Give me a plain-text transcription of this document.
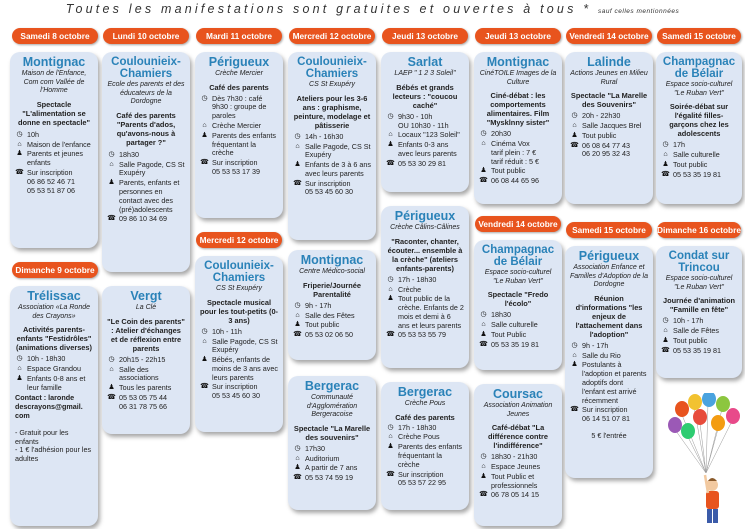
Toutes les manifestations sont gratuites et ouvertes à tous * sauf celles mentionnées
Samedi 8 octobre
Montignac
Maison de l'Enfance, Com com Vallée de l'Homme
Spectacle "L'alimentation se donne en spectacle"
◷ 10h
⌂ Maison de l'enfance
♟ Parents et jeunes enfants
☎ Sur inscription
06 86 52 46 71
05 53 51 87 06
Dimanche 9 octobre
Trélissac
Association «La Ronde des Crayons»
Activités parents-enfants "Festidrôles" (animations diverses)
◷ 10h - 18h30
⌂ Espace Grandou
♟ Enfants 0-8 ans et leur famille
Contact : laronde descrayons@gmail. com
- Gratuit pour les enfants
- 1 € l'adhésion pour les adultes
Lundi 10 octobre
Coulounieix-Chamiers
Ecole des parents et des éducateurs de la Dordogne
Café des parents "Parents d'ados, qu'avons-nous à partager ?"
◷ 18h30
⌂ Salle Pagode, CS St Exupéry
♟ Parents, enfants et personnes en contact avec des (pré)adolescents
☎ 09 86 10 34 69
Vergt
La Clé
"Le Coin des parents" : Atelier d'échanges et de réflexion entre parents
◷ 20h15 - 22h15
⌂ Salle des associations
♟ Tous les parents
☎ 05 53 05 75 44
06 31 78 75 66
Mardi 11 octobre
Périgueux
Crèche Mercier
Café des parents
◷ Dès 7h30 : café
9h30 : groupe de paroles
⌂ Crèche Mercier
♟ Parents des enfants fréquentant la crèche
☎ Sur inscription
05 53 53 17 39
Mercredi 12 octobre
Coulounieix-Chamiers
CS St Exupéry
Spectacle musical pour les tout-petits (0-3 ans)
◷ 10h - 11h
⌂ Salle Pagode, CS St Exupéry
♟ Bébés, enfants de moins de 3 ans avec leurs parents
☎ Sur inscription
05 53 45 60 30
Mercredi 12 octobre
Coulounieix-Chamiers
CS St Exupéry
Ateliers pour les 3-6 ans : graphisme, peinture, modelage et pâtisserie
◷ 14h - 16h30
⌂ Salle Pagode, CS St Exupéry
♟ Enfants de 3 à 6 ans avec leurs parents
☎ Sur inscription
05 53 45 60 30
Montignac
Centre Médico-social
Friperie/Journée Parentalité
◷ 9h - 17h
⌂ Salle des Fêtes
♟ Tout public
☎ 05 53 02 06 50
Bergerac
Communauté d'Agglomération Bergeracoise
Spectacle "La Marelle des souvenirs"
◷ 17h30
⌂ Auditorium
♟ A partir de 7 ans
☎ 05 53 74 59 19
Jeudi 13 octobre
Sarlat
LAEP " 1 2 3 Soleil"
Bébés et grands lecteurs : "coucou caché"
◷ 9h30 - 10h
OU 10h30 - 11h
⌂ Locaux "123 Soleil"
♟ Enfants 0-3 ans avec leurs parents
☎ 05 53 30 29 81
Périgueux
Crèche Câlins-Câlines
"Raconter, chanter, écouter... ensemble à la crèche" (ateliers enfants-parents)
◷ 17h - 18h30
⌂ Crèche
♟ Tout public de la crèche. Enfants de 2 mois et demi à 6 ans et leurs parents
☎ 05 53 53 55 79
Bergerac
Crèche Pous
Café des parents
◷ 17h - 18h30
⌂ Crèche Pous
♟ Parents des enfants fréquentant la crèche
☎ Sur inscription
05 53 57 22 95
Jeudi 13 octobre
Montignac
CinéTOILE Images de la Culture
Ciné-débat : les comportements alimentaires. Film "Mysklnny sister"
◷ 20h30
⌂ Cinéma Vox
tarif plein : 7 €
tarif réduit : 5 €
♟ Tout public
☎ 06 08 44 65 96
Vendredi 14 octobre
Champagnac de Bélair
Espace socio-culturel "Le Ruban Vert"
Spectacle "Fredo l'écolo"
◷ 18h30
⌂ Salle culturelle
♟ Tout Public
☎ 05 53 35 19 81
Coursac
Association Animation Jeunes
Café-débat "La différence contre l'indifférence"
◷ 18h30 - 21h30
⌂ Espace Jeunes
♟ Tout Public et professionnels
☎ 06 78 05 14 15
Vendredi 14 octobre
Lalinde
Actions Jeunes en Milieu Rural
Spectacle "La Marelle des Souvenirs"
◷ 20h - 22h30
⌂ Salle Jacques Brel
♟ Tout public
☎ 06 08 64 77 43
06 20 95 32 43
Samedi 15 octobre
Périgueux
Association Enfance et Familles d'Adoption de la Dordogne
Réunion d'informations "les enjeux de l'attachement dans l'adoption"
◷ 9h - 17h
⌂ Salle du Rio
♟ Postulants à l'adoption et parents adoptifs dont l'enfant est arrivé récemment
☎ Sur inscription
06 14 51 07 81
5 € l'entrée
Samedi 15 octobre
Champagnac de Bélair
Espace socio-culturel "Le Ruban Vert"
Soirée-débat sur l'égalité filles-garçons chez les adolescents
◷ 17h
⌂ Salle culturelle
♟ Tout public
☎ 05 53 35 19 81
Dimanche 16 octobre
Condat sur Trincou
Espace socio-culturel "Le Ruban Vert"
Journée d'animation "Famille en fête"
◷ 10h - 17h
⌂ Salle de Fêtes
♟ Tout public
☎ 05 53 35 19 81
